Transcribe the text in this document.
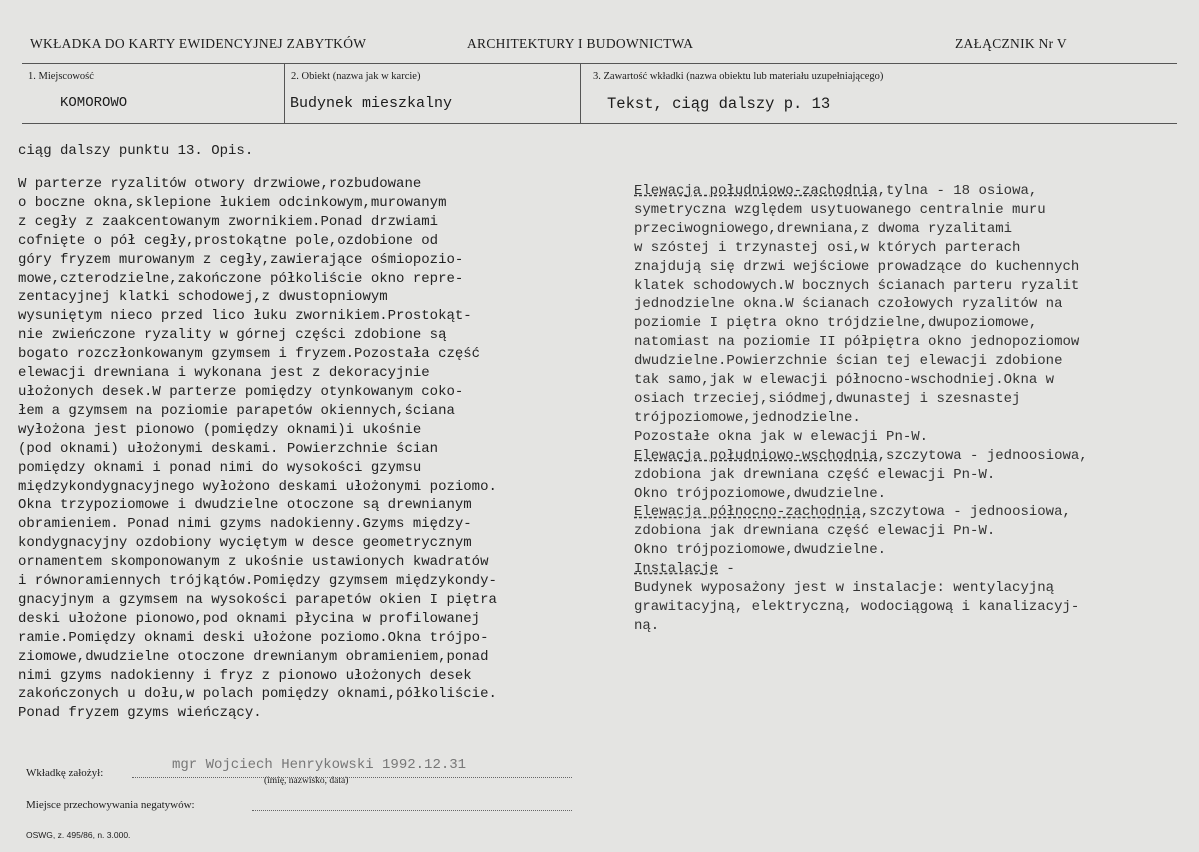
WKŁADKA DO KARTY EWIDENCYJNEJ ZABYTKÓW	ARCHITEKTURY I BUDOWNICTWA	ZAŁĄCZNIK Nr V
1. Miejscowość
KOMOROWO
2. Obiekt (nazwa jak w karcie)
Budynek mieszkalny
3. Zawartość wkładki (nazwa obiektu lub materiału uzupełniającego)
Tekst, ciąg dalszy p. 13
ciąg dalszy punktu 13. Opis.
W parterze ryzalitów otwory drzwiowe,rozbudowane
o boczne okna,sklepione łukiem odcinkowym,murowanym
z cegły z zaakcentowanym zwornikiem.Ponad drzwiami
cofnięte o pół cegły,prostokątne pole,ozdobione od
góry fryzem murowanym z cegły,zawierające ośmiopozio-
mowe,czterodzielne,zakończone półkoliście okno repre-
zentacyjnej klatki schodowej,z dwustopniowym
wysuniętym nieco przed lico łuku zwornikiem.Prostokąt-
nie zwieńczone ryzality w górnej części zdobione są
bogato rozczłonkowanym gzymsem i fryzem.Pozostała część
elewacji drewniana i wykonana jest z dekoracyjnie
ułożonych desek.W parterze pomiędzy otynkowanym coko-
łem a gzymsem na poziomie parapetów okiennych,ściana
wyłożona jest pionowo (pomiędzy oknami)i ukośnie
(pod oknami) ułożonymi deskami. Powierzchnie ścian
pomiędzy oknami i ponad nimi do wysokości gzymsu
międzykondygnacyjnego wyłożono deskami ułożonymi poziomo.
Okna trzypoziomowe i dwudzielne otoczone są drewnianym
obramieniem. Ponad nimi gzyms nadokienny.Gzyms między-
kondygnacyjny ozdobiony wyciętym w desce geometrycznym
ornamentem skomponowanym z ukośnie ustawionych kwadratów
i równoramiennych trójkątów.Pomiędzy gzymsem międzykondy-
gnacyjnym a gzymsem na wysokości parapetów okien I piętra
deski ułożone pionowo,pod oknami płycina w profilowanej
ramie.Pomiędzy oknami deski ułożone poziomo.Okna trójpo-
ziomowe,dwudzielne otoczone drewnianym obramieniem,ponad
nimi gzyms nadokienny i fryz z pionowo ułożonych desek
zakończonych u dołu,w polach pomiędzy oknami,półkoliście.
Ponad fryzem gzyms wieńczący.
Elewacja południowo-zachodnia,tylna - 18 osiowa,
symetryczna względem usytuowanego centralnie muru
przeciwogniowego,drewniana,z dwoma ryzalitami
w szóstej i trzynastej osi,w których parterach
znajdują się drzwi wejściowe prowadzące do kuchennych
klatek schodowych.W bocznych ścianach parteru ryzalit
jednodzielne okna.W ścianach czołowych ryzalitów na
poziomie I piętra okno trójdzielne,dwupoziomowe,
natomiast na poziomie II półpiętra okno jednopoziomow
dwudzielne.Powierzchnie ścian tej elewacji zdobione
tak samo,jak w elewacji północno-wschodniej.Okna w
osiach trzeciej,siódmej,dwunastej i szesnastej
trójpoziomowe,jednodzielne.
Pozostałe okna jak w elewacji Pn-W.
Elewacja południowo-wschodnia,szczytowa - jednoosiowa,
zdobiona jak drewniana część elewacji Pn-W.
Okno trójpoziomowe,dwudzielne.
Elewacja północno-zachodnia,szczytowa - jednoosiowa,
zdobiona jak drewniana część elewacji Pn-W.
Okno trójpoziomowe,dwudzielne.
Instalacje -
Budynek wyposażony jest w instalacje: wentylacyjną
grawitacyjną, elektryczną, wodociągową i kanalizacyj-
ną.
Wkładkę założył:	mgr Wojciech Henrykowski 1992.12.31
(imię, nazwisko, data)
Miejsce przechowywania negatywów:
OSWG, z. 495/86, n. 3.000.
